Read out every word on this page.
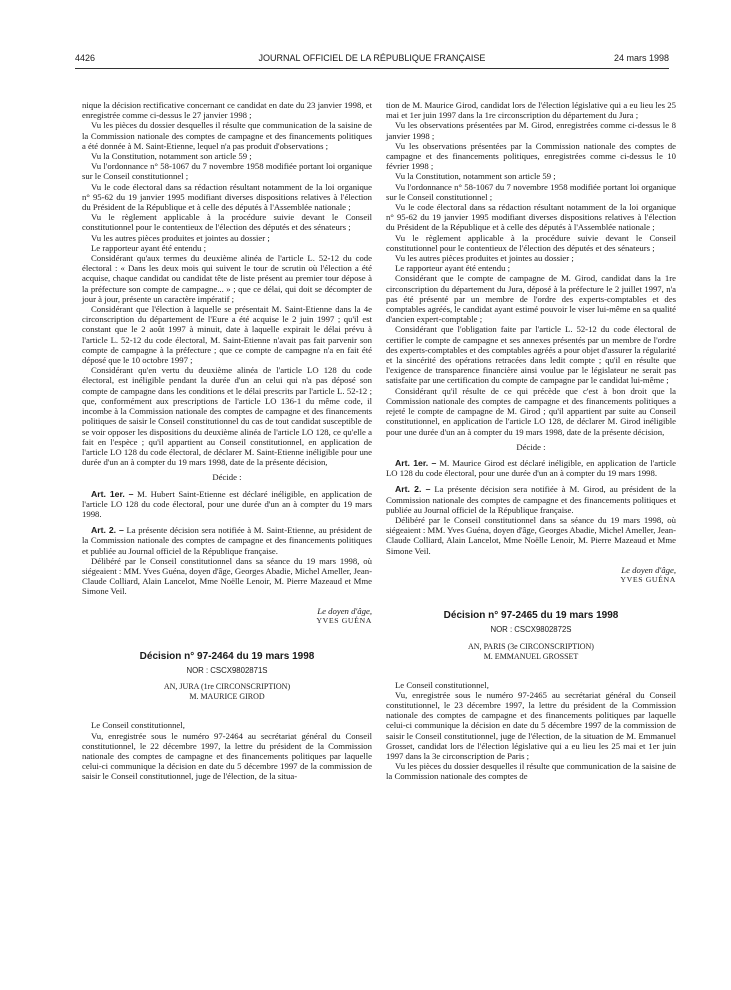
JOURNAL OFFICIEL DE LA RÉPUBLIQUE FRANÇAISE
4426	24 mars 1998

nique la décision rectificative concernant ce candidat en date du 23 janvier 1998, et enregistrée comme ci-dessus le 27 janvier 1998 ;

Vu les pièces du dossier desquelles il résulte que communication de la saisine de la Commission nationale des comptes de campagne et des financements politiques a été donnée à M. Saint-Etienne, lequel n'a pas produit d'observations ;

Vu la Constitution, notamment son article 59 ;

Vu l'ordonnance n° 58-1067 du 7 novembre 1958 modifiée portant loi organique sur le Conseil constitutionnel ;

Vu le code électoral dans sa rédaction résultant notamment de la loi organique n° 95-62 du 19 janvier 1995 modifiant diverses dispositions relatives à l'élection du Président de la République et à celle des députés à l'Assemblée nationale ;

Vu le règlement applicable à la procédure suivie devant le Conseil constitutionnel pour le contentieux de l'élection des députés et des sénateurs ;

Vu les autres pièces produites et jointes au dossier ;

Le rapporteur ayant été entendu ;

Considérant qu'aux termes du deuxième alinéa de l'article L. 52-12 du code électoral : « Dans les deux mois qui suivent le tour de scrutin où l'élection a été acquise, chaque candidat ou candidat tête de liste présent au premier tour dépose à la préfecture son compte de campagne... » ; que ce délai, qui doit se décompter de jour à jour, présente un caractère impératif ;

Considérant que l'élection à laquelle se présentait M. Saint-Etienne dans la 4e circonscription du département de l'Eure a été acquise le 2 juin 1997 ; qu'il est constant que le 2 août 1997 à minuit, date à laquelle expirait le délai prévu à l'article L. 52-12 du code électoral, M. Saint-Etienne n'avait pas fait parvenir son compte de campagne à la préfecture ; que ce compte de campagne n'a en fait été déposé que le 10 octobre 1997 ;

Considérant qu'en vertu du deuxième alinéa de l'article LO 128 du code électoral, est inéligible pendant la durée d'un an celui qui n'a pas déposé son compte de campagne dans les conditions et le délai prescrits par l'article L. 52-12 ; que, conformément aux prescriptions de l'article LO 136-1 du même code, il incombe à la Commission nationale des comptes de campagne et des financements politiques de saisir le Conseil constitutionnel du cas de tout candidat susceptible de se voir opposer les dispositions du deuxième alinéa de l'article LO 128, ce qu'elle a fait en l'espèce ; qu'il appartient au Conseil constitutionnel, en application de l'article LO 128 du code électoral, de déclarer M. Saint-Etienne inéligible pour une durée d'un an à compter du 19 mars 1998, date de la présente décision,

Décide :

Art. 1er. – M. Hubert Saint-Etienne est déclaré inéligible, en application de l'article LO 128 du code électoral, pour une durée d'un an à compter du 19 mars 1998.

Art. 2. – La présente décision sera notifiée à M. Saint-Etienne, au président de la Commission nationale des comptes de campagne et des financements politiques et publiée au Journal officiel de la République française.

Délibéré par le Conseil constitutionnel dans sa séance du 19 mars 1998, où siégeaient : MM. Yves Guéna, doyen d'âge, Georges Abadie, Michel Ameller, Jean-Claude Colliard, Alain Lancelot, Mme Noëlle Lenoir, M. Pierre Mazeaud et Mme Simone Veil.

Le doyen d'âge,
YVES GUÉNA
Décision n° 97-2464 du 19 mars 1998
NOR : CSCX9802871S
AN, JURA (1re CIRCONSCRIPTION)
M. MAURICE GIROD

Le Conseil constitutionnel,

Vu, enregistrée sous le numéro 97-2464 au secrétariat général du Conseil constitutionnel, le 22 décembre 1997, la lettre du président de la Commission nationale des comptes de campagne et des financements politiques par laquelle celui-ci communique la décision en date du 5 décembre 1997 de la commission de saisir le Conseil constitutionnel, juge de l'élection, de la situa-

tion de M. Maurice Girod, candidat lors de l'élection législative qui a eu lieu les 25 mai et 1er juin 1997 dans la 1re circonscription du département du Jura ;

Vu les observations présentées par M. Girod, enregistrées comme ci-dessus le 8 janvier 1998 ;

Vu les observations présentées par la Commission nationale des comptes de campagne et des financements politiques, enregistrées comme ci-dessus le 10 février 1998 ;

Vu la Constitution, notamment son article 59 ;

Vu l'ordonnance n° 58-1067 du 7 novembre 1958 modifiée portant loi organique sur le Conseil constitutionnel ;

Vu le code électoral dans sa rédaction résultant notamment de la loi organique n° 95-62 du 19 janvier 1995 modifiant diverses dispositions relatives à l'élection du Président de la République et à celle des députés à l'Assemblée nationale ;

Vu le règlement applicable à la procédure suivie devant le Conseil constitutionnel pour le contentieux de l'élection des députés et des sénateurs ;

Vu les autres pièces produites et jointes au dossier ;

Le rapporteur ayant été entendu ;

Considérant que le compte de campagne de M. Girod, candidat dans la 1re circonscription du département du Jura, déposé à la préfecture le 2 juillet 1997, n'a pas été présenté par un membre de l'ordre des experts-comptables et des comptables agréés, le candidat ayant estimé pouvoir le viser lui-même en sa qualité d'ancien expert-comptable ;

Considérant que l'obligation faite par l'article L. 52-12 du code électoral de certifier le compte de campagne et ses annexes présentés par un membre de l'ordre des experts-comptables et des comptables agréés a pour objet d'assurer la régularité et la sincérité des opérations retracées dans ledit compte ; qu'il en résulte que l'exigence de transparence financière ainsi voulue par le législateur ne serait pas satisfaite par une certification du compte de campagne par le candidat lui-même ;

Considérant qu'il résulte de ce qui précède que c'est à bon droit que la Commission nationale des comptes de campagne et des financements politiques a rejeté le compte de campagne de M. Girod ; qu'il appartient par suite au Conseil constitutionnel, en application de l'article LO 128, de déclarer M. Girod inéligible pour une durée d'un an à compter du 19 mars 1998, date de la présente décision,

Décide :

Art. 1er. – M. Maurice Girod est déclaré inéligible, en application de l'article LO 128 du code électoral, pour une durée d'un an à compter du 19 mars 1998.

Art. 2. – La présente décision sera notifiée à M. Girod, au président de la Commission nationale des comptes de campagne et des financements politiques et publiée au Journal officiel de la République française.

Délibéré par le Conseil constitutionnel dans sa séance du 19 mars 1998, où siégeaient : MM. Yves Guéna, doyen d'âge, Georges Abadie, Michel Ameller, Jean-Claude Colliard, Alain Lancelot, Mme Noëlle Lenoir, M. Pierre Mazeaud et Mme Simone Veil.

Le doyen d'âge,
YVES GUÉNA
Décision n° 97-2465 du 19 mars 1998
NOR : CSCX9802872S
AN, PARIS (3e CIRCONSCRIPTION)
M. EMMANUEL GROSSET

Le Conseil constitutionnel,

Vu, enregistrée sous le numéro 97-2465 au secrétariat général du Conseil constitutionnel, le 23 décembre 1997, la lettre du président de la Commission nationale des comptes de campagne et des financements politiques par laquelle celui-ci communique la décision en date du 5 décembre 1997 de la commission de saisir le Conseil constitutionnel, juge de l'élection, de la situation de M. Emmanuel Grosset, candidat lors de l'élection législative qui a eu lieu les 25 mai et 1er juin 1997 dans la 3e circonscription de Paris ;

Vu les pièces du dossier desquelles il résulte que communication de la saisine de la Commission nationale des comptes de
